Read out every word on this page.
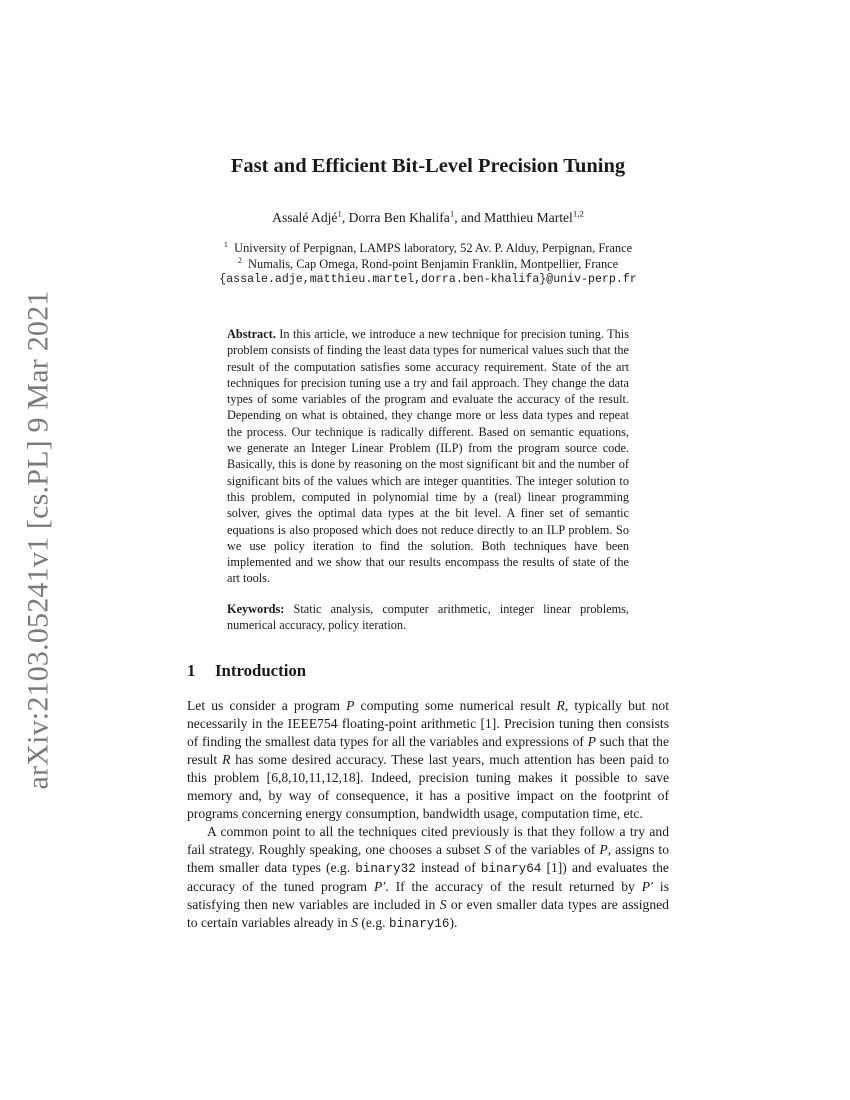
arXiv:2103.05241v1 [cs.PL] 9 Mar 2021
Fast and Efficient Bit-Level Precision Tuning
Assalé Adjé$^1$, Dorra Ben Khalifa$^1$, and Matthieu Martel$^{1,2}$
$^1$ University of Perpignan, LAMPS laboratory, 52 Av. P. Alduy, Perpignan, France
$^2$ Numalis, Cap Omega, Rond-point Benjamin Franklin, Montpellier, France
{assale.adje,matthieu.martel,dorra.ben-khalifa}@univ-perp.fr
Abstract. In this article, we introduce a new technique for precision tuning. This problem consists of finding the least data types for numerical values such that the result of the computation satisfies some accuracy requirement. State of the art techniques for precision tuning use a try and fail approach. They change the data types of some variables of the program and evaluate the accuracy of the result. Depending on what is obtained, they change more or less data types and repeat the process. Our technique is radically different. Based on semantic equations, we generate an Integer Linear Problem (ILP) from the program source code. Basically, this is done by reasoning on the most significant bit and the number of significant bits of the values which are integer quantities. The integer solution to this problem, computed in polynomial time by a (real) linear programming solver, gives the optimal data types at the bit level. A finer set of semantic equations is also proposed which does not reduce directly to an ILP problem. So we use policy iteration to find the solution. Both techniques have been implemented and we show that our results encompass the results of state of the art tools.
Keywords: Static analysis, computer arithmetic, integer linear problems, numerical accuracy, policy iteration.
1 Introduction

Let us consider a program P computing some numerical result R, typically but not necessarily in the IEEE754 floating-point arithmetic [1]. Precision tuning then consists of finding the smallest data types for all the variables and expressions of P such that the result R has some desired accuracy. These last years, much attention has been paid to this problem [6,8,10,11,12,18]. Indeed, precision tuning makes it possible to save memory and, by way of consequence, it has a positive impact on the footprint of programs concerning energy consumption, bandwidth usage, computation time, etc.

A common point to all the techniques cited previously is that they follow a try and fail strategy. Roughly speaking, one chooses a subset S of the variables of P, assigns to them smaller data types (e.g. binary32 instead of binary64 [1]) and evaluates the accuracy of the tuned program P′. If the accuracy of the result returned by P′ is satisfying then new variables are included in S or even smaller data types are assigned to certain variables already in S (e.g. binary16).
